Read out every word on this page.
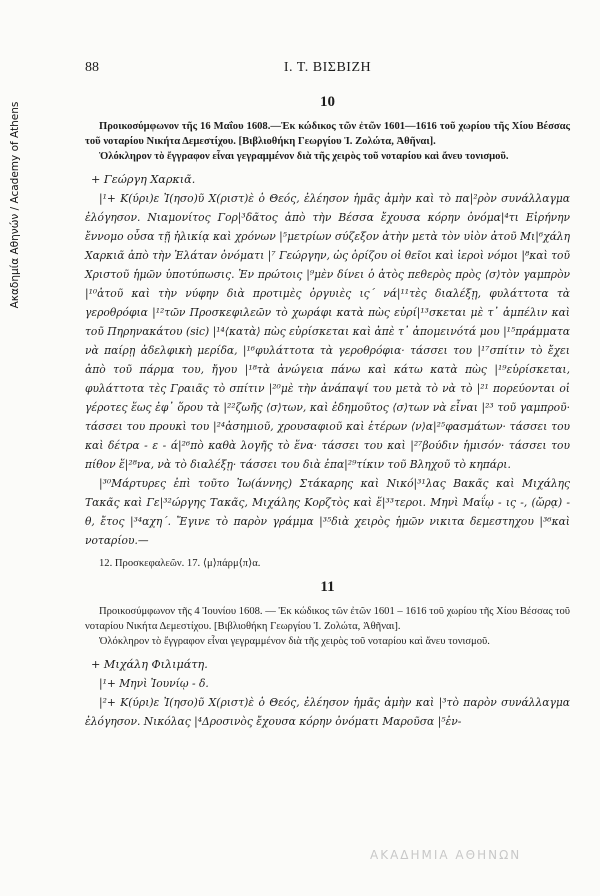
Ακαδημία Αθηνών / Academy of Athens
88	Ι. Τ. ΒΙΣΒΙΖΗ
10
Προικοσύμφωνον τῆς 16 Μαΐου 1608.—Ἐκ κώδικος τῶν ἐτῶν 1601—1616 τοῦ χωρίου τῆς Χίου Βέσσας τοῦ νοταρίου Νικήτα Δεμεστίχου. [Βιβλιοθήκη Γεωργίου Ἰ. Ζολώτα, Ἀθῆναι].
Ὁλόκληρον τὸ ἔγγραφον εἶναι γεγραμμένον διὰ τῆς χειρὸς τοῦ νοταρίου καὶ ἄνευ τονισμοῦ.
+ Γεώργη Χαρκιᾶ.

|¹+ Κ(ύρι)ε Ἰ(ησο)ῦ Χ(ριστ)ὲ ὁ Θεός, ἐλέησον ἡμᾶς ἀμὴν καὶ τὸ πα|²ρὸν συνάλλαγμα ἐλόγησον. Νιαμονίτος Γορ|³δᾶτος ἀπὸ τὴν Βέσσα ἔχουσα κόρην ὀνόμα|⁴τι Εἰρήνην ἔννομο οὖσα τῇ ἡλικίᾳ καὶ χρόνων |⁵μετρίων σύζεξον ἀτὴν μετὰ τὸν υἱὸν ἀτοῦ Μι|⁶χάλη Χαρκιᾶ ἀπὸ τὴν Ἐλάταν ὀνόματι |⁷ Γεώργην, ὡς ὁρίζου οἱ θεῖοι καὶ ἱεροὶ νόμοι |⁸καὶ τοῦ Χριστοῦ ἡμῶν ὑποτύπωσις. Ἐν πρώτοις |⁹μὲν δίνει ὁ ἀτὸς πεθερὸς πρὸς ⟨σ⟩τὸν γαμπρὸν |¹⁰ἀτοῦ καὶ τὴν νύφην διὰ προτιμὲς ὀργυιὲς ις΄ νά|¹¹τὲς διαλέξῃ, φυλάττοτα τὰ γεροθρόφια |¹²τῶν Προσκεφιλεῶν τὸ χωράφι κατὰ πὼς εὑρί|¹³σκεται μὲ τ᾽ ἀμπέλιν καὶ τοῦ Πηρηνακάτου (sic) |¹⁴⟨κατὰ⟩ πὼς εὑρίσκεται καὶ ἀπὲ τ᾽ ἀπομεινότά μου |¹⁵πράμματα νὰ παίρῃ ἀδελφικὴ μερίδα, |¹⁶φυλάττοτα τὰ γεροθρόφια· τάσσει του |¹⁷σπίτιν τὸ ἔχει ἀπὸ τοῦ πάρμα του, ἤγου |¹⁸τὰ ἀνώγεια πάνω καὶ κάτω κατὰ πὼς |¹⁹εὑρίσκεται, φυλάττοτα τὲς Γραιᾶς τὸ σπίτιν |²⁰μὲ τὴν ἀνάπαψί του μετὰ τὸ νὰ τὸ |²¹ πορεύονται οἱ γέροτες ἕως ἐφ᾽ ὅρου τὰ |²²ζωῆς ⟨σ⟩των, καὶ ἐδημοῦτος ⟨σ⟩των νὰ εἶναι |²³ τοῦ γαμπροῦ· τάσσει του προυκὶ του |²⁴ἀσημιοῦ, χρουσαφιοῦ καὶ ἑτέρων ⟨ν⟩α|²⁵φασμάτων· τάσσει του καὶ δέτρα - ε - ά|²⁶πὸ καθὰ λογῆς τὸ ἕνα· τάσσει του καὶ |²⁷βούδιν ἡμισόν· τάσσει του πίθον ἕ|²⁸να, νὰ τὸ διαλέξῃ· τάσσει του διὰ ἐπα|²⁹τίκιν τοῦ Βληχοῦ τὸ κηπάρι.

|³⁰Μάρτυρες ἐπὶ τοῦτο Ἰω(άννης) Στάκαρης καὶ Νικό|³¹λας Βακᾶς καὶ Μιχάλης Τακᾶς καὶ Γε|³²ώργης Τακᾶς, Μιχάλης Κορζτὸς καὶ ἕ|³³τεροι. Μηνὶ Μαΐῳ - ις -, (ὥρᾳ) - θ, ἔτος |³⁴αχη΄. Ἔγινε τὸ παρὸν γράμμα |³⁵διὰ χειρὸς ἡμῶν νικιτα δεμεστηχου |³⁶καὶ νοταρίου.—

12. Προσκεφαλεῶν. 17. ⟨μ⟩πάρμ⟨π⟩α.
11
Προικοσύμφωνον τῆς 4 Ἰουνίου 1608. — Ἐκ κώδικος τῶν ἐτῶν 1601 – 1616 τοῦ χωρίου τῆς Χίου Βέσσας τοῦ νοταρίου Νικήτα Δεμεστίχου. [Βιβλιοθήκη Γεωργίου Ἰ. Ζολώτα, Ἀθῆναι].
Ὁλόκληρον τὸ ἔγγραφον εἶναι γεγραμμένον διὰ τῆς χειρὸς τοῦ νοταρίου καὶ ἄνευ τονισμοῦ.
+ Μιχάλη Φιλιμάτη.

|¹+ Μηνὶ Ἰουνίῳ - δ.

|²+ Κ(ύρι)ε Ἰ(ησο)ῦ Χ(ριστ)ὲ ὁ Θεός, ἐλέησον ἡμᾶς ἀμὴν καὶ |³τὸ παρὸν συνάλλαγμα ἐλόγησον. Νικόλας |⁴Δροσινὸς ἔχουσα κόρην ὀνόματι Μαροῦσα |⁵ἐν-

ΑΚΑΔΗΜΙΑ ΑΘΗΝΩΝ
